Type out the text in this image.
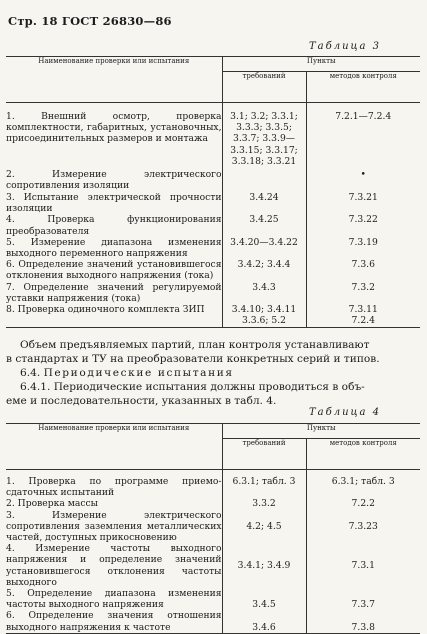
Стр. 18 ГОСТ 26830—86
Таблица 3
Наименование проверки или испытания	Пункты	
	требований	методов контроля
1. Внешний осмотр, проверка комплектности, габаритных, установочных, присоединительных размеров и монтажа	3.1; 3.2; 3.3.1; 3.3.3; 3.3.5; 3.3.7; 3.3.9—3.3.15; 3.3.17; 3.3.18; 3.3.21	7.2.1—7.2.4
2. Измерение электрического сопротивления изоляции		•
3. Испытание электрической прочности изоляции	3.4.24	7.3.21
4. Проверка функционирования преобразователя	3.4.25	7.3.22
5. Измерение диапазона изменения выходного переменного напряжения	3.4.20—3.4.22	7.3.19
6. Определение значений установившегося отклонения выходного напряжения (тока)	3.4.2; 3.4.4	7.3.6
7. Определение значений регулируемой уставки напряжения (тока)	3.4.3	7.3.2
8. Проверка одиночного комплекта ЗИП	3.4.10; 3.4.11	7.3.11
	3.3.6; 5.2	7.2.4
Объем предъявляемых партий, план контроля устанавливают
в стандартах и ТУ на преобразователи конкретных серий и типов.
6.4. Периодические испытания
6.4.1. Периодические испытания должны проводиться в объ-
еме и последовательности, указанных в табл. 4.
Таблица 4
Наименование проверки или испытания	Пункты	
	требований	методов контроля
1. Проверка по программе приемо-сдаточных испытаний	6.3.1; табл. 3	6.3.1; табл. 3
2. Проверка массы	3.3.2	7.2.2
3. Измерение электрического сопротивления заземления металлических частей, доступных прикосновению	4.2; 4.5	7.3.23
4. Измерение частоты выходного напряжения и определение значений установившегося отклонения частоты выходного	3.4.1; 3.4.9	7.3.1
5. Определение диапазона изменения частоты выходного напряжения	3.4.5	7.3.7
6. Определение значения отношения выходного напряжения к частоте	3.4.6	7.3.8
